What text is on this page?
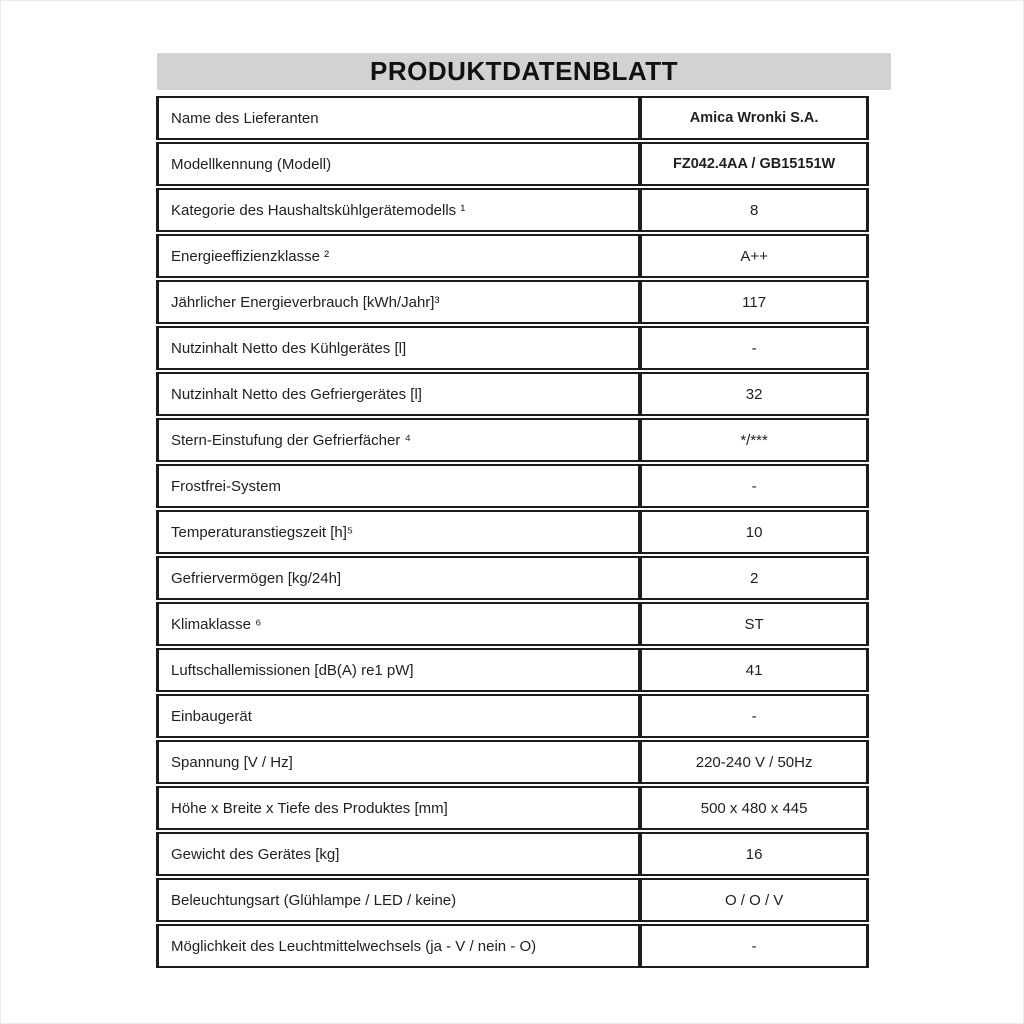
PRODUKTDATENBLATT
Name des Lieferanten	Amica Wronki S.A.
Modellkennung (Modell)	FZ042.4AA / GB15151W
Kategorie des Haushaltskühlgerätemodells ¹	8
Energieeffizienzklasse ²	A++
Jährlicher Energieverbrauch [kWh/Jahr]³	117
Nutzinhalt Netto des Kühlgerätes [l]	-
Nutzinhalt Netto des Gefriergerätes [l]	32
Stern-Einstufung der Gefrierfächer ⁴	*/***
Frostfrei-System	-
Temperaturanstiegszeit [h]⁵	10
Gefriervermögen [kg/24h]	2
Klimaklasse ⁶	ST
Luftschallemissionen [dB(A) re1 pW]	41
Einbaugerät	-
Spannung [V / Hz]	220-240 V / 50Hz
Höhe x Breite x Tiefe des Produktes [mm]	500 x 480 x 445
Gewicht des Gerätes [kg]	16
Beleuchtungsart (Glühlampe / LED / keine)	O / O / V
Möglichkeit des Leuchtmittelwechsels (ja - V / nein - O)	-
